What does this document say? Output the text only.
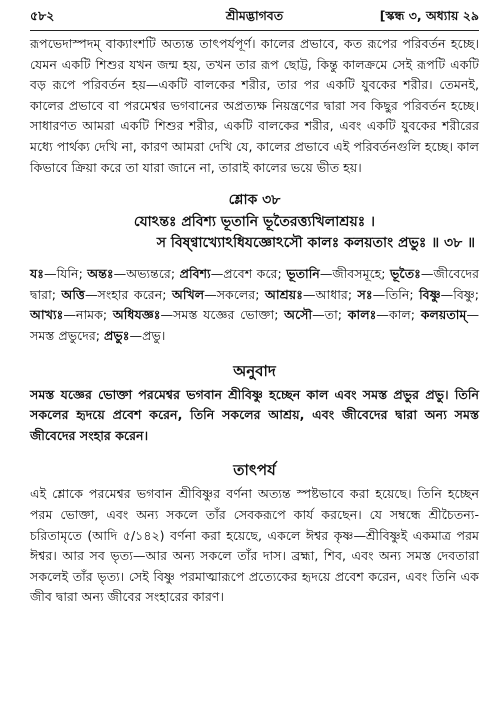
৫৮২	শ্রীমদ্ভাগবত	[স্কন্ধ ৩, অধ্যায় ২৯

রূপভেদাস্পদম্ বাক্যাংশটি অত্যন্ত তাৎপর্যপূর্ণ। কালের প্রভাবে, কত রূপের পরিবর্তন হচ্ছে। যেমন একটি শিশুর যখন জন্ম হয়, তখন তার রূপ ছোট্ট, কিন্তু কালক্রমে সেই রূপটি একটি বড় রূপে পরিবর্তন হয়—একটি বালকের শরীর, তার পর একটি যুবকের শরীর। তেমনই, কালের প্রভাবে বা পরমেশ্বর ভগবানের অপ্রত্যক্ষ নিয়ন্ত্রণের দ্বারা সব কিছুর পরিবর্তন হচ্ছে। সাধারণত আমরা একটি শিশুর শরীর, একটি বালকের শরীর, এবং একটি যুবকের শরীরের মধ্যে পার্থক্য দেখি না, কারণ আমরা দেখি যে, কালের প্রভাবে এই পরিবর্তনগুলি হচ্ছে। কাল কিভাবে ক্রিয়া করে তা যারা জানে না, তারাই কালের ভয়ে ভীত হয়।

শ্লোক ৩৮
যোঽন্তঃ প্রবিশ্য ভূতানি ভূতৈরত্ত্যখিলাশ্রয়ঃ ।
স বিষ্ণ্বাখ্যোঽধিযজ্ঞোঽসৌ কালঃ কলয়তাং প্রভুঃ ॥ ৩৮ ॥

যঃ—যিনি; অন্তঃ—অভ্যন্তরে; প্রবিশ্য—প্রবেশ করে; ভূতানি—জীবসমূহে; ভূতৈঃ—জীবেদের দ্বারা; অত্তি—সংহার করেন; অখিল—সকলের; আশ্রয়ঃ—আধার; সঃ—তিনি; বিষ্ণু—বিষ্ণু; আখ্যঃ—নামক; অধিযজ্ঞঃ—সমস্ত যজ্ঞের ভোক্তা; অসৌ—তা; কালঃ—কাল; কলয়তাম্—সমস্ত প্রভুদের; প্রভুঃ—প্রভু।

অনুবাদ

সমস্ত যজ্ঞের ভোক্তা পরমেশ্বর ভগবান শ্রীবিষ্ণু হচ্ছেন কাল এবং সমস্ত প্রভুর প্রভু। তিনি সকলের হৃদয়ে প্রবেশ করেন, তিনি সকলের আশ্রয়, এবং জীবেদের দ্বারা অন্য সমস্ত জীবেদের সংহার করেন।

তাৎপর্য

এই শ্লোকে পরমেশ্বর ভগবান শ্রীবিষ্ণুর বর্ণনা অত্যন্ত স্পষ্টভাবে করা হয়েছে। তিনি হচ্ছেন পরম ভোক্তা, এবং অন্য সকলে তাঁর সেবকরূপে কার্য করছেন। যে সম্বন্ধে শ্রীচৈতন্য-চরিতামৃতে (আদি ৫/১৪২) বর্ণনা করা হয়েছে, একলে ঈশ্বর কৃষ্ণ—শ্রীবিষ্ণুই একমাত্র পরম ঈশ্বর। আর সব ভৃত্য—আর অন্য সকলে তাঁর দাস। ব্রহ্মা, শিব, এবং অন্য সমস্ত দেবতারা সকলেই তাঁর ভৃত্য। সেই বিষ্ণু পরমাত্মারূপে প্রত্যেকের হৃদয়ে প্রবেশ করেন, এবং তিনি এক জীব দ্বারা অন্য জীবের সংহারের কারণ।
